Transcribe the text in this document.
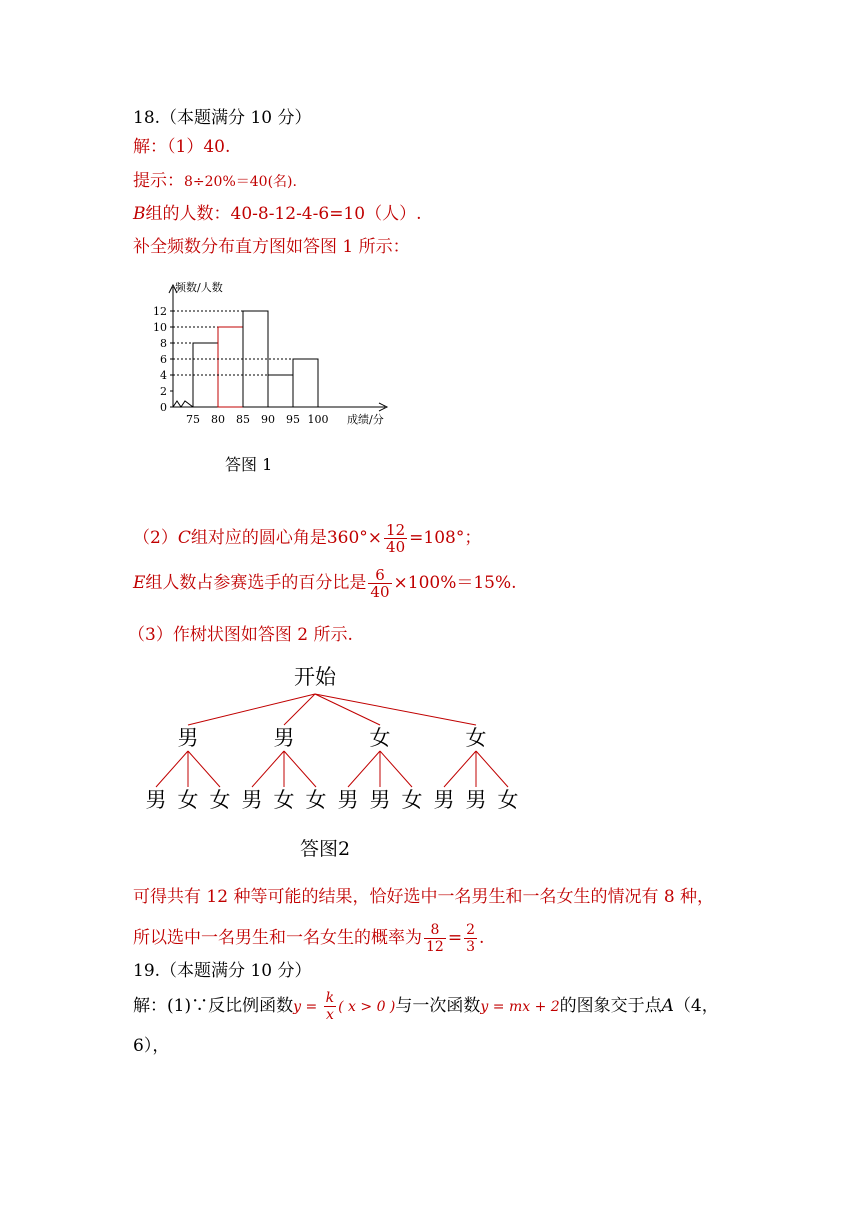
18.（本题满分 10 分）
解：（1）40.
提示：8÷20%＝40(名).
B组的人数：40-8-12-4-6=10（人）.
补全频数分布直方图如答图 1 所示：
0
2
4
6
8
10
12
75 80 85 90 95 100
频数/人数
成绩/分
答图 1
（2）C组对应的圆心角是$360^\circ\times \frac{12}{40} =108^\circ$；
E组人数占参赛选手的百分比是 $\frac{6}{40} \times 100\%=15\%$.
（3）作树状图如答图 2 所示.
开始
男
男 女 女
男
男 女 女
女
男 男 女
女
男 男 女
答图2
可得共有 12 种等可能的结果，恰好选中一名男生和一名女生的情况有 8 种，
所以选中一名男生和一名女生的概率为 $\frac{8}{12} = \frac{2}{3}$ .
19.（本题满分 10 分）
解：(1)∵反比例函数$y = \frac{k}{x}$ ( x > 0 )与一次函数y = mx + 2的图象交于点A（4，
6），
